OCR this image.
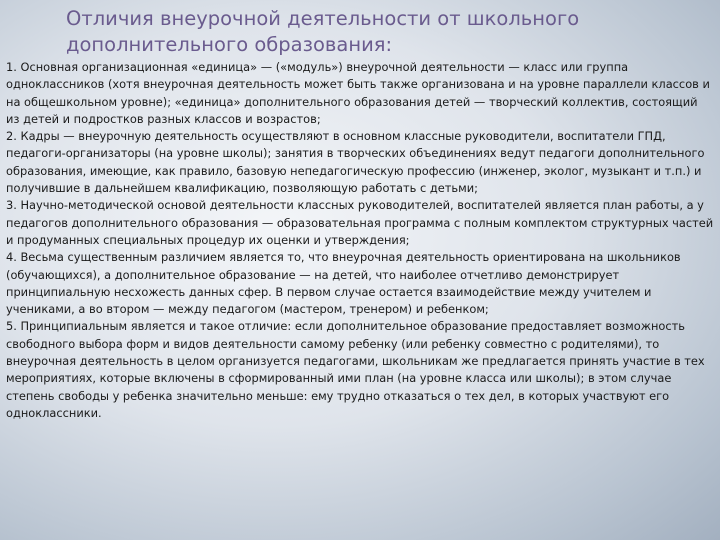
Отличия внеурочной деятельности от школьного
дополнительного образования:

1. Основная организационная «единица» — («модуль») внеурочной деятельности — класс или группа одноклассников (хотя внеурочная деятельность может быть также организована и на уровне параллели классов и на общешкольном уровне); «единица» дополнительного образования детей — творческий коллектив, состоящий из детей и подростков разных классов и возрастов;

2. Кадры — внеурочную деятельность осуществляют в основном классные руководители, воспитатели ГПД, педагоги-организаторы (на уровне школы); занятия в творческих объединениях ведут педагоги дополнительного образования, имеющие, как правило, базовую непедагогическую профессию (инженер, эколог, музыкант и т.п.) и получившие в дальнейшем квалификацию, позволяющую работать с детьми;

3. Научно-методической основой деятельности классных руководителей, воспитателей является план работы, а у педагогов дополнительного образования — образовательная программа с полным комплектом структурных частей и продуманных специальных процедур их оценки и утверждения;

4. Весьма существенным различием является то, что внеурочная деятельность ориентирована на школьников (обучающихся), а дополнительное образование — на детей, что наиболее отчетливо демонстрирует принципиальную несхожесть данных сфер. В первом случае остается взаимодействие между учителем и учениками, а во втором — между педагогом (мастером, тренером) и ребенком;

5. Принципиальным является и такое отличие: если дополнительное образование предоставляет возможность свободного выбора форм и видов деятельности самому ребенку (или ребенку совместно с родителями), то внеурочная деятельность в целом организуется педагогами, школьникам же предлагается принять участие в тех мероприятиях, которые включены в сформированный ими план (на уровне класса или школы); в этом случае степень свободы у ребенка значительно меньше: ему трудно отказаться о тех дел, в которых участвуют его одноклассники.
